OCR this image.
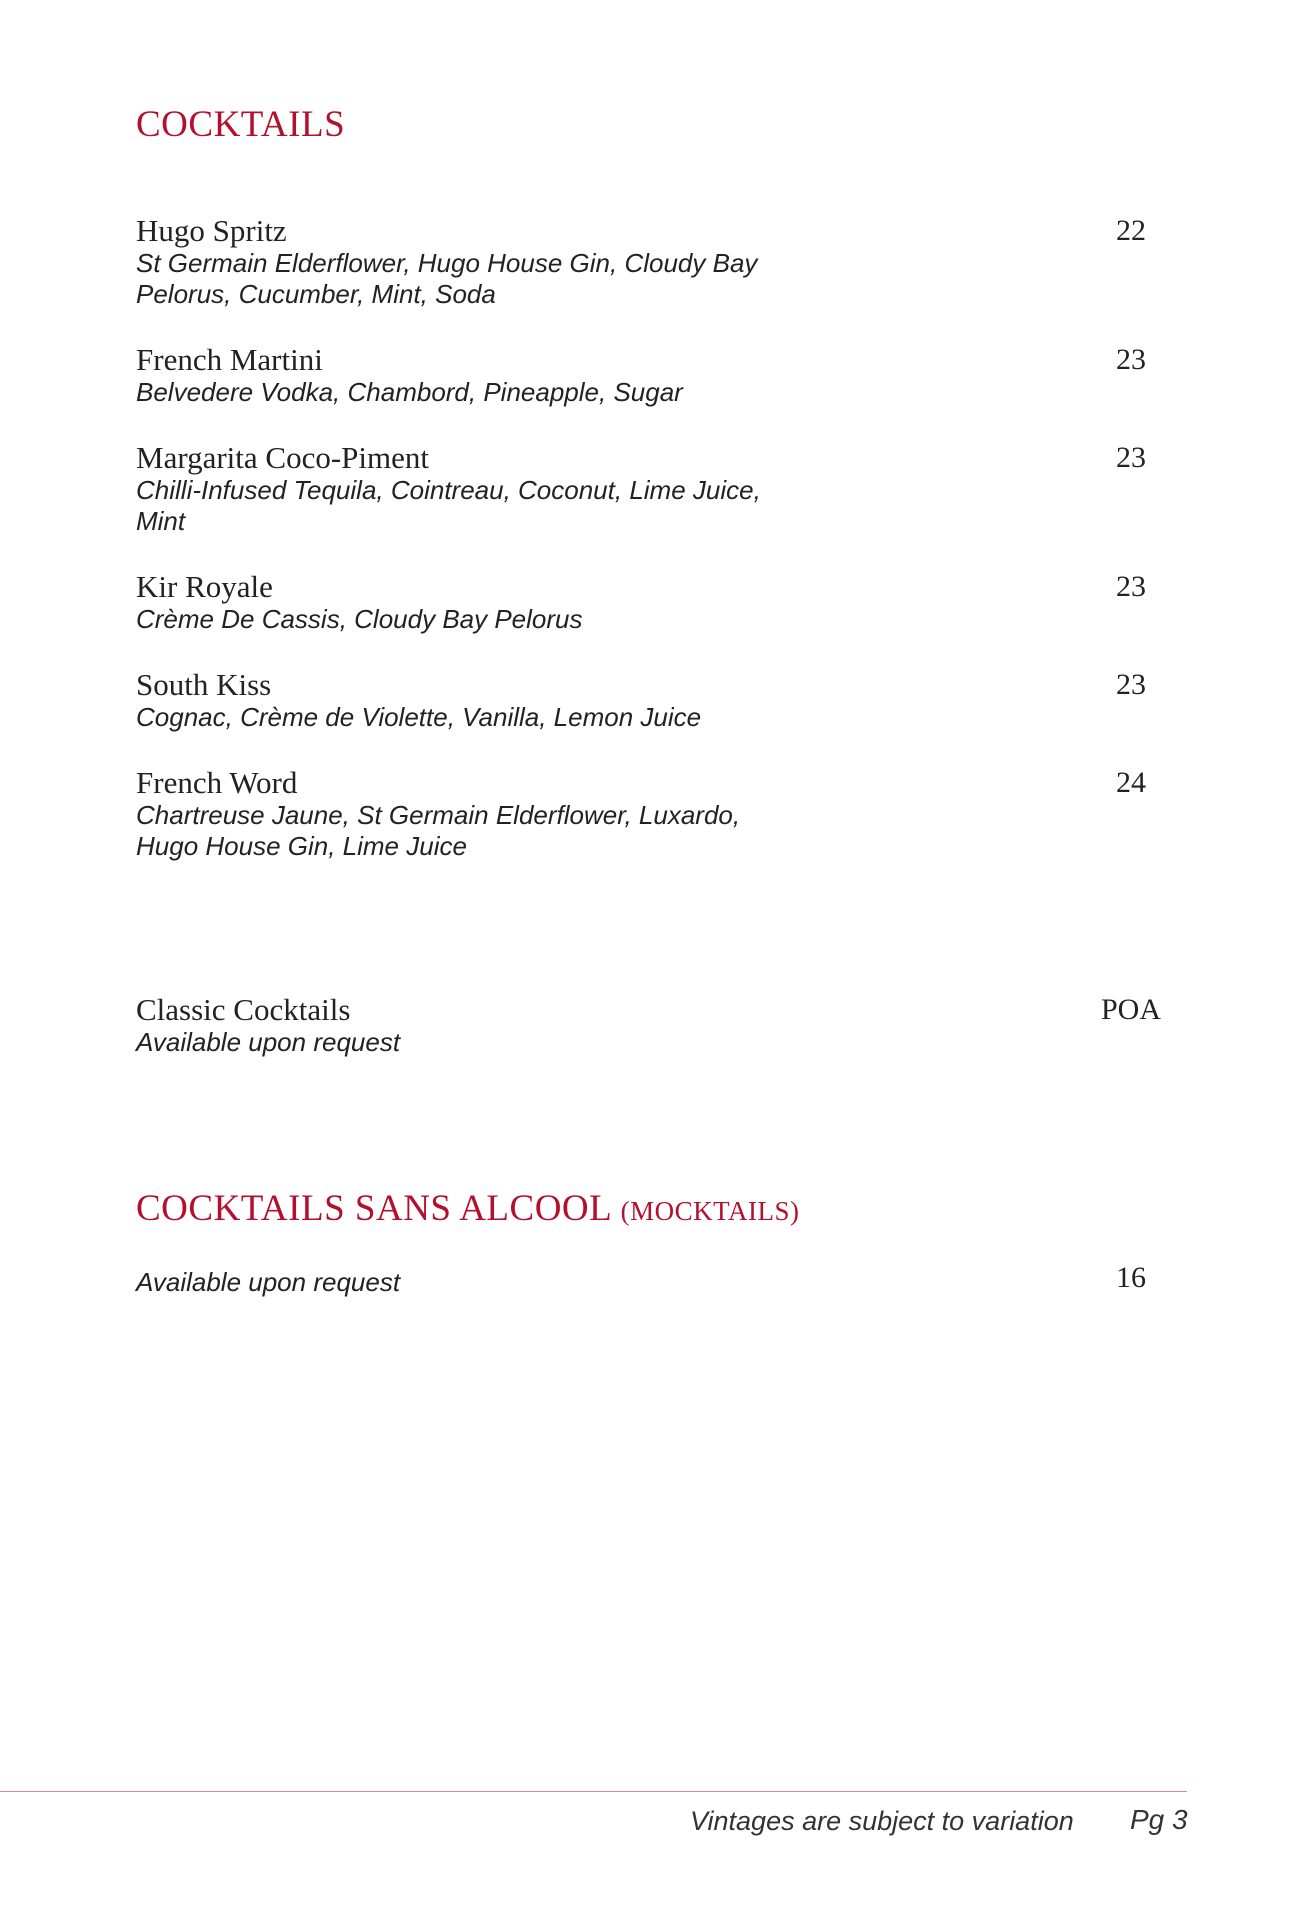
COCKTAILS
Hugo Spritz
St Germain Elderflower, Hugo House Gin, Cloudy Bay
Pelorus, Cucumber, Mint, Soda
22
French Martini
Belvedere Vodka, Chambord, Pineapple, Sugar
23
Margarita Coco-Piment
Chilli-Infused Tequila, Cointreau, Coconut, Lime Juice,
Mint
23
Kir Royale
Crème De Cassis, Cloudy Bay Pelorus
23
South Kiss
Cognac, Crème de Violette, Vanilla, Lemon Juice
23
French Word
Chartreuse Jaune, St Germain Elderflower, Luxardo,
Hugo House Gin, Lime Juice
24
Classic Cocktails
Available upon request
POA
COCKTAILS SANS ALCOOL (MOCKTAILS)
Available upon request	16
Vintages are subject to variation Pg 3
